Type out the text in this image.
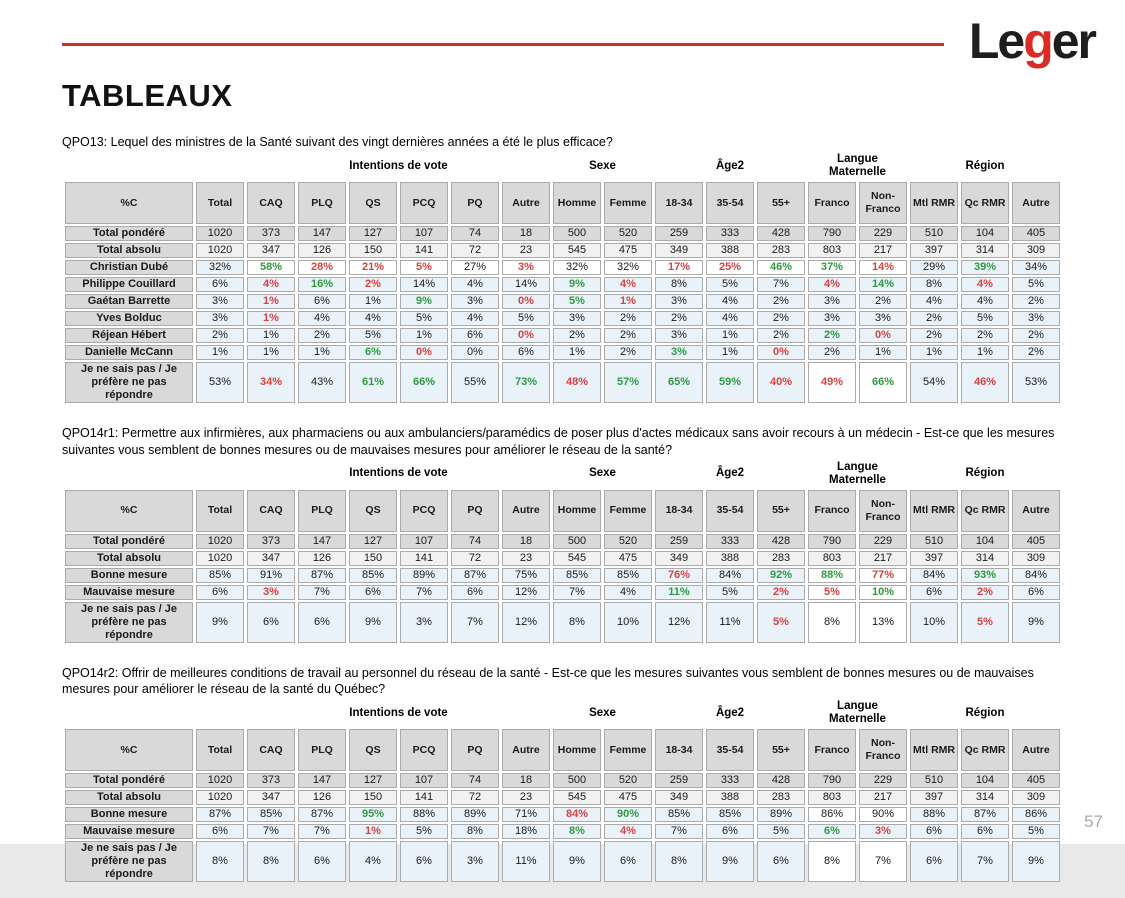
Leger
TABLEAUX
QPO13: Lequel des ministres de la Santé suivant des vingt dernières années a été le plus efficace?
		Intentions de vote						Sexe		Âge2			Langue Maternelle		Région		
%C	Total	CAQ	PLQ	QS	PCQ	PQ	Autre	Homme	Femme	18-34	35-54	55+	Franco	Non-Franco	Mtl RMR	Qc RMR	Autre
Total pondéré	1020	373	147	127	107	74	18	500	520	259	333	428	790	229	510	104	405
Total absolu	1020	347	126	150	141	72	23	545	475	349	388	283	803	217	397	314	309
Christian Dubé	32%	58%	28%	21%	5%	27%	3%	32%	32%	17%	25%	46%	37%	14%	29%	39%	34%
Philippe Couillard	6%	4%	16%	2%	14%	4%	14%	9%	4%	8%	5%	7%	4%	14%	8%	4%	5%
Gaétan Barrette	3%	1%	6%	1%	9%	3%	0%	5%	1%	3%	4%	2%	3%	2%	4%	4%	2%
Yves Bolduc	3%	1%	4%	4%	5%	4%	5%	3%	2%	2%	4%	2%	3%	3%	2%	5%	3%
Réjean Hébert	2%	1%	2%	5%	1%	6%	0%	2%	2%	3%	1%	2%	2%	0%	2%	2%	2%
Danielle McCann	1%	1%	1%	6%	0%	0%	6%	1%	2%	3%	1%	0%	2%	1%	1%	1%	2%
Je ne sais pas / Je préfère ne pas répondre	53%	34%	43%	61%	66%	55%	73%	48%	57%	65%	59%	40%	49%	66%	54%	46%	53%
QPO14r1: Permettre aux infirmières, aux pharmaciens ou aux ambulanciers/paramédics de poser plus d'actes médicaux sans avoir recours à un médecin - Est-ce que les mesures suivantes vous semblent de bonnes mesures ou de mauvaises mesures pour améliorer le réseau de la santé?
		Intentions de vote						Sexe		Âge2			Langue Maternelle		Région		
%C	Total	CAQ	PLQ	QS	PCQ	PQ	Autre	Homme	Femme	18-34	35-54	55+	Franco	Non-Franco	Mtl RMR	Qc RMR	Autre
Total pondéré	1020	373	147	127	107	74	18	500	520	259	333	428	790	229	510	104	405
Total absolu	1020	347	126	150	141	72	23	545	475	349	388	283	803	217	397	314	309
Bonne mesure	85%	91%	87%	85%	89%	87%	75%	85%	85%	76%	84%	92%	88%	77%	84%	93%	84%
Mauvaise mesure	6%	3%	7%	6%	7%	6%	12%	7%	4%	11%	5%	2%	5%	10%	6%	2%	6%
Je ne sais pas / Je préfère ne pas répondre	9%	6%	6%	9%	3%	7%	12%	8%	10%	12%	11%	5%	8%	13%	10%	5%	9%
QPO14r2: Offrir de meilleures conditions de travail au personnel du réseau de la santé - Est-ce que les mesures suivantes vous semblent de bonnes mesures ou de mauvaises mesures pour améliorer le réseau de la santé du Québec?
		Intentions de vote						Sexe		Âge2			Langue Maternelle		Région		
%C	Total	CAQ	PLQ	QS	PCQ	PQ	Autre	Homme	Femme	18-34	35-54	55+	Franco	Non-Franco	Mtl RMR	Qc RMR	Autre
Total pondéré	1020	373	147	127	107	74	18	500	520	259	333	428	790	229	510	104	405
Total absolu	1020	347	126	150	141	72	23	545	475	349	388	283	803	217	397	314	309
Bonne mesure	87%	85%	87%	95%	88%	89%	71%	84%	90%	85%	85%	89%	86%	90%	88%	87%	86%
Mauvaise mesure	6%	7%	7%	1%	5%	8%	18%	8%	4%	7%	6%	5%	6%	3%	6%	6%	5%
Je ne sais pas / Je préfère ne pas répondre	8%	8%	6%	4%	6%	3%	11%	9%	6%	8%	9%	6%	8%	7%	6%	7%	9%
57
